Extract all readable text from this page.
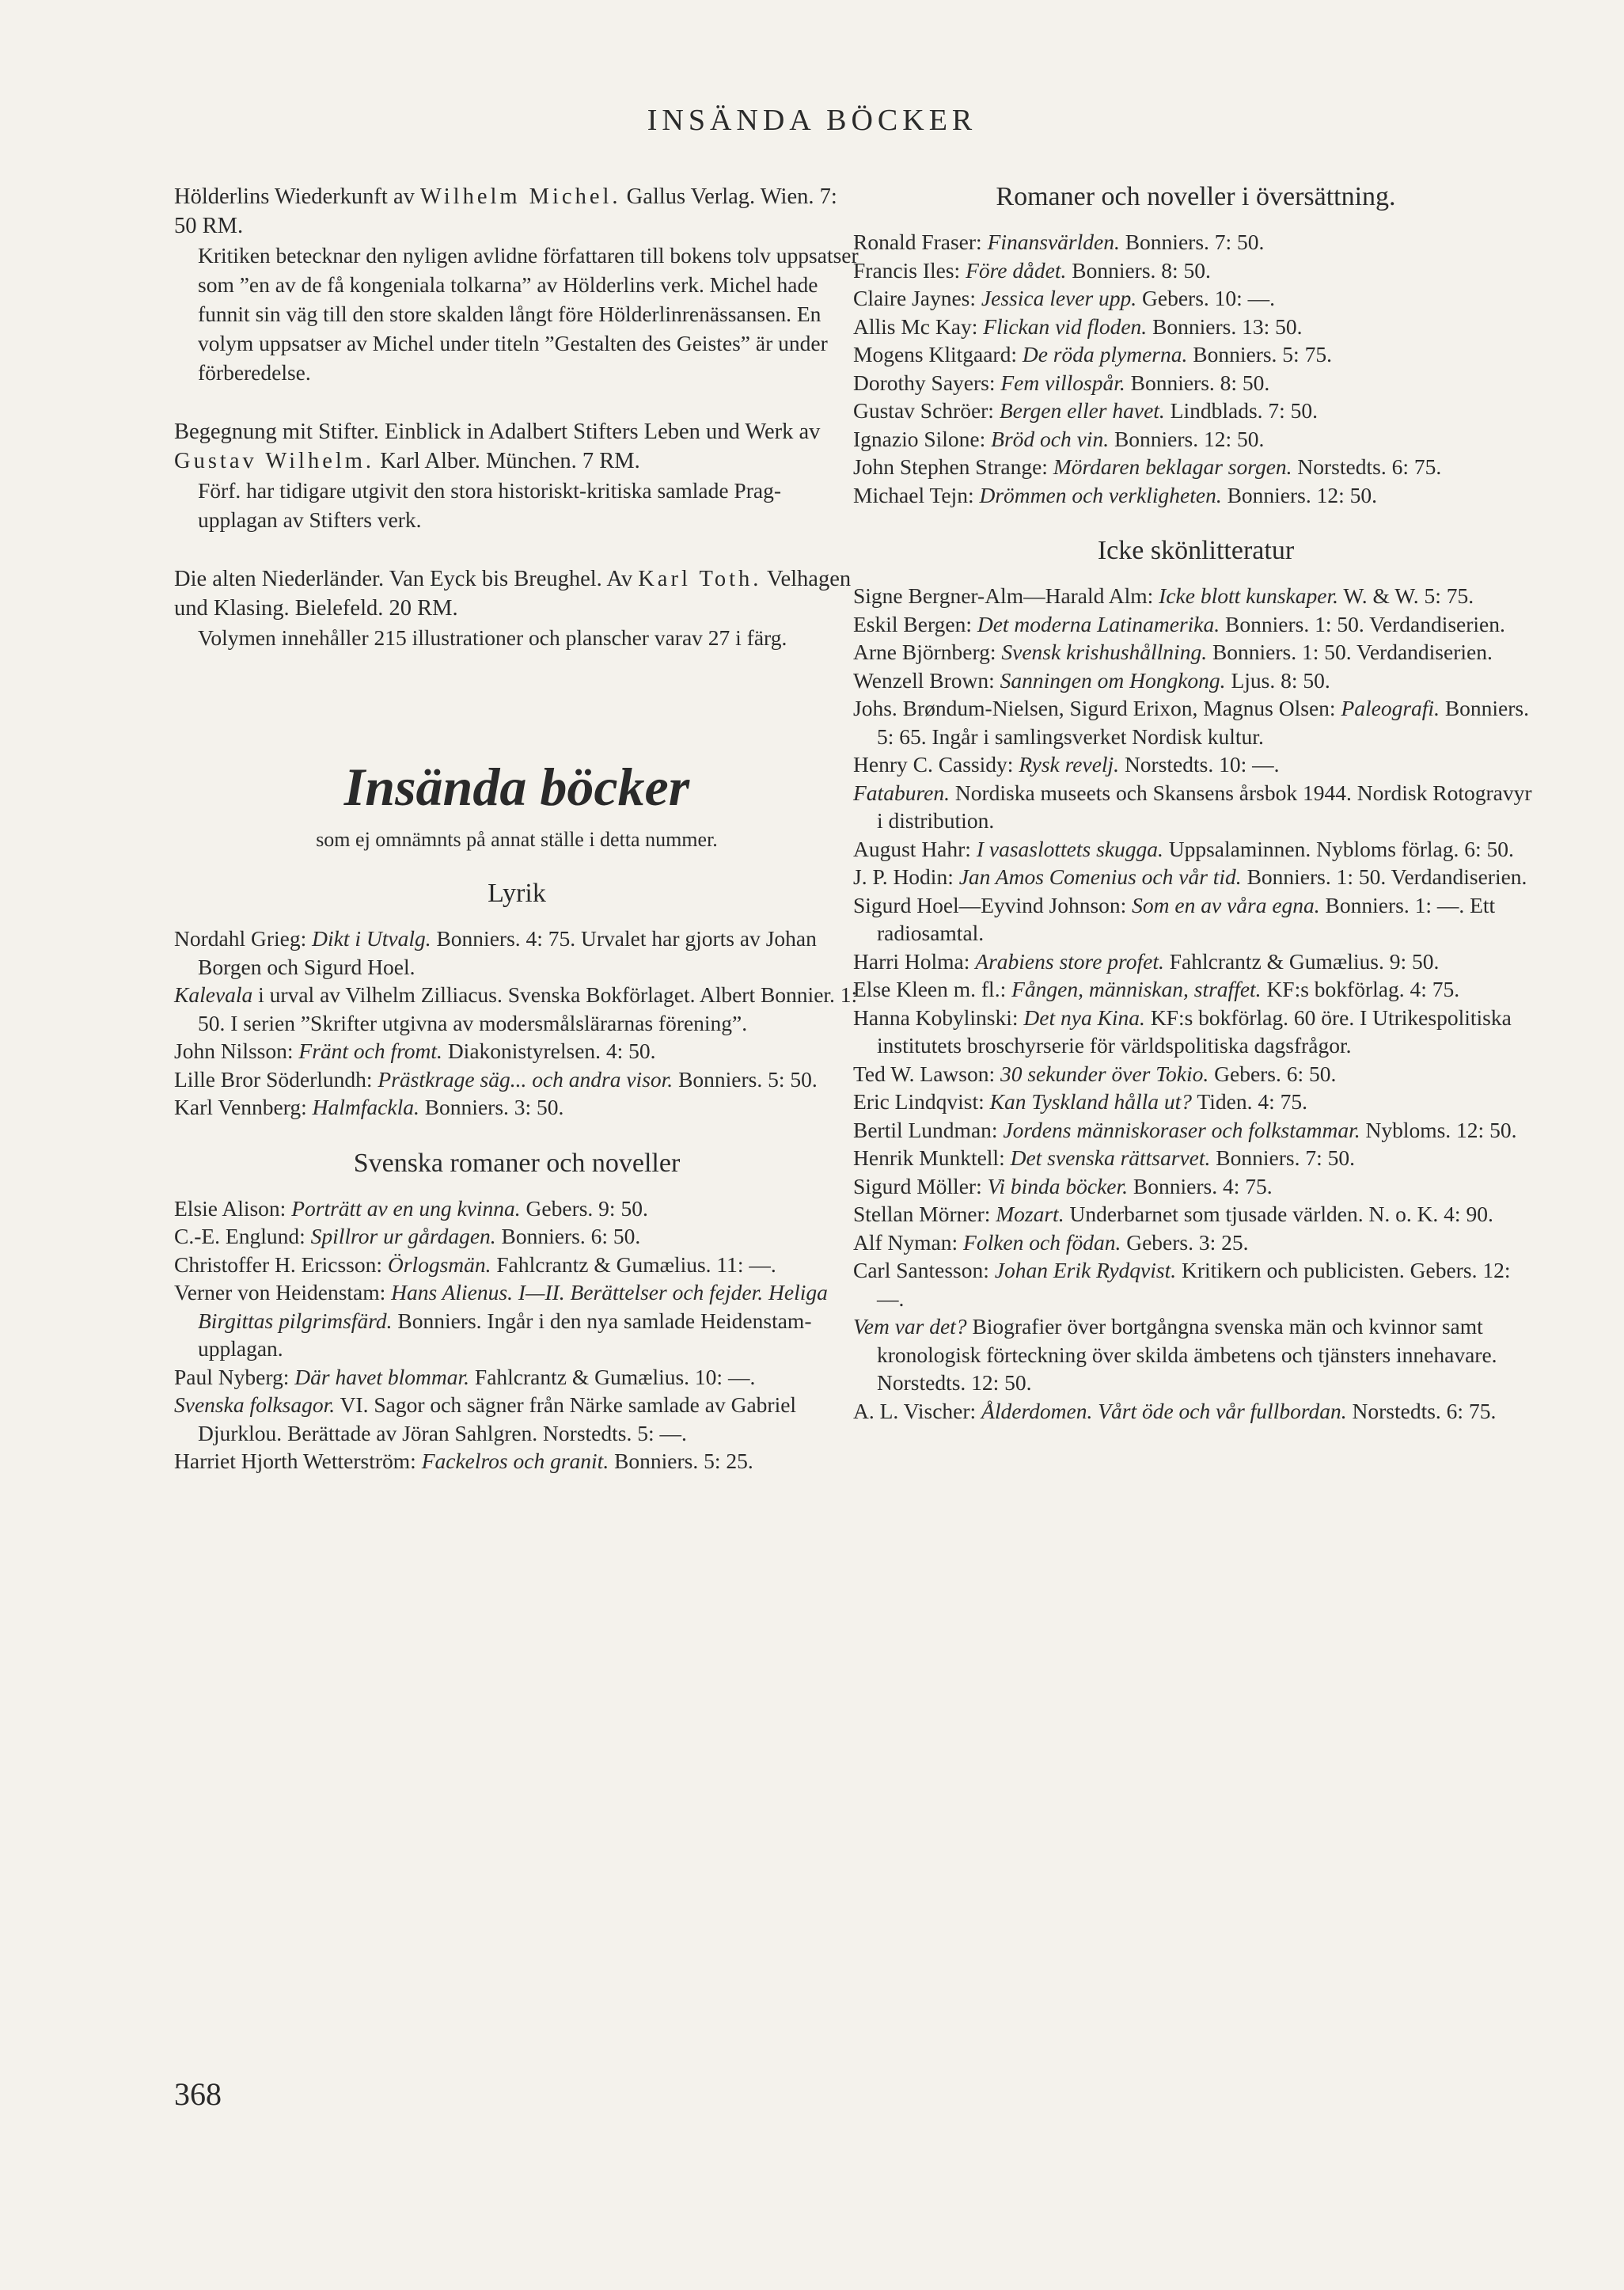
INSÄNDA BÖCKER

Hölderlins Wiederkunft av Wilhelm Michel. Gallus Verlag. Wien. 7: 50 RM.

Kritiken betecknar den nyligen avlidne författaren till bokens tolv uppsatser som ”en av de få kongeniala tolkarna” av Hölderlins verk. Michel hade funnit sin väg till den store skalden långt före Hölderlinrenässansen. En volym uppsatser av Michel under titeln ”Gestalten des Geistes” är under förberedelse.

Begegnung mit Stifter. Einblick in Adalbert Stifters Leben und Werk av Gustav Wilhelm. Karl Alber. München. 7 RM.

Förf. har tidigare utgivit den stora historiskt-kritiska samlade Prag-upplagan av Stifters verk.

Die alten Niederländer. Van Eyck bis Breughel. Av Karl Toth. Velhagen und Klasing. Bielefeld. 20 RM.

Volymen innehåller 215 illustrationer och planscher varav 27 i färg.

Insända böcker
som ej omnämnts på annat ställe i detta nummer.
Lyrik
Nordahl Grieg: Dikt i Utvalg. Bonniers. 4: 75. Urvalet har gjorts av Johan Borgen och Sigurd Hoel.
Kalevala i urval av Vilhelm Zilliacus. Svenska Bokförlaget. Albert Bonnier. 1: 50. I serien ”Skrifter utgivna av modersmålslärarnas förening”.
John Nilsson: Fränt och fromt. Diakonistyrelsen. 4: 50.
Lille Bror Söderlundh: Prästkrage säg... och andra visor. Bonniers. 5: 50.
Karl Vennberg: Halmfackla. Bonniers. 3: 50.
Svenska romaner och noveller
Elsie Alison: Porträtt av en ung kvinna. Gebers. 9: 50.
C.-E. Englund: Spillror ur gårdagen. Bonniers. 6: 50.
Christoffer H. Ericsson: Örlogsmän. Fahlcrantz & Gumælius. 11: —.
Verner von Heidenstam: Hans Alienus. I—II. Berättelser och fejder. Heliga Birgittas pilgrimsfärd. Bonniers. Ingår i den nya samlade Heidenstam-upplagan.
Paul Nyberg: Där havet blommar. Fahlcrantz & Gumælius. 10: —.
Svenska folksagor. VI. Sagor och sägner från Närke samlade av Gabriel Djurklou. Berättade av Jöran Sahlgren. Norstedts. 5: —.
Harriet Hjorth Wetterström: Fackelros och granit. Bonniers. 5: 25.
Romaner och noveller i översättning.
Ronald Fraser: Finansvärlden. Bonniers. 7: 50.
Francis Iles: Före dådet. Bonniers. 8: 50.
Claire Jaynes: Jessica lever upp. Gebers. 10: —.
Allis Mc Kay: Flickan vid floden. Bonniers. 13: 50.
Mogens Klitgaard: De röda plymerna. Bonniers. 5: 75.
Dorothy Sayers: Fem villospår. Bonniers. 8: 50.
Gustav Schröer: Bergen eller havet. Lindblads. 7: 50.
Ignazio Silone: Bröd och vin. Bonniers. 12: 50.
John Stephen Strange: Mördaren beklagar sorgen. Norstedts. 6: 75.
Michael Tejn: Drömmen och verkligheten. Bonniers. 12: 50.
Icke skönlitteratur
Signe Bergner-Alm—Harald Alm: Icke blott kunskaper. W. & W. 5: 75.
Eskil Bergen: Det moderna Latinamerika. Bonniers. 1: 50. Verdandiserien.
Arne Björnberg: Svensk krishushållning. Bonniers. 1: 50. Verdandiserien.
Wenzell Brown: Sanningen om Hongkong. Ljus. 8: 50.
Johs. Brøndum-Nielsen, Sigurd Erixon, Magnus Olsen: Paleografi. Bonniers. 5: 65. Ingår i samlingsverket Nordisk kultur.
Henry C. Cassidy: Rysk revelj. Norstedts. 10: —.
Fataburen. Nordiska museets och Skansens årsbok 1944. Nordisk Rotogravyr i distribution.
August Hahr: I vasaslottets skugga. Uppsalaminnen. Nybloms förlag. 6: 50.
J. P. Hodin: Jan Amos Comenius och vår tid. Bonniers. 1: 50. Verdandiserien.
Sigurd Hoel—Eyvind Johnson: Som en av våra egna. Bonniers. 1: —. Ett radiosamtal.
Harri Holma: Arabiens store profet. Fahlcrantz & Gumælius. 9: 50.
Else Kleen m. fl.: Fången, människan, straffet. KF:s bokförlag. 4: 75.
Hanna Kobylinski: Det nya Kina. KF:s bokförlag. 60 öre. I Utrikespolitiska institutets broschyrserie för världspolitiska dagsfrågor.
Ted W. Lawson: 30 sekunder över Tokio. Gebers. 6: 50.
Eric Lindqvist: Kan Tyskland hålla ut? Tiden. 4: 75.
Bertil Lundman: Jordens människoraser och folkstammar. Nybloms. 12: 50.
Henrik Munktell: Det svenska rättsarvet. Bonniers. 7: 50.
Sigurd Möller: Vi binda böcker. Bonniers. 4: 75.
Stellan Mörner: Mozart. Underbarnet som tjusade världen. N. o. K. 4: 90.
Alf Nyman: Folken och födan. Gebers. 3: 25.
Carl Santesson: Johan Erik Rydqvist. Kritikern och publicisten. Gebers. 12: —.
Vem var det? Biografier över bortgångna svenska män och kvinnor samt kronologisk förteckning över skilda ämbetens och tjänsters innehavare. Norstedts. 12: 50.
A. L. Vischer: Ålderdomen. Vårt öde och vår fullbordan. Norstedts. 6: 75.
368
